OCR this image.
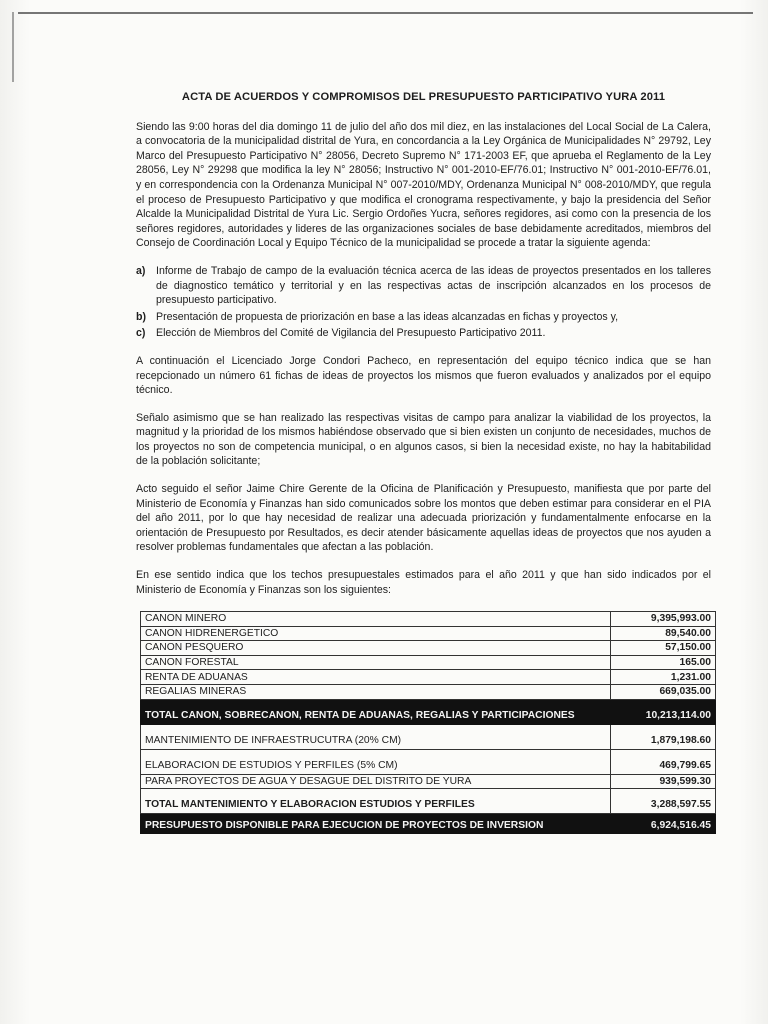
ACTA DE ACUERDOS Y COMPROMISOS DEL PRESUPUESTO PARTICIPATIVO YURA 2011

Siendo las 9:00 horas del dia domingo 11 de julio del año dos mil diez, en las instalaciones del Local Social de La Calera, a convocatoria de la municipalidad distrital de Yura, en concordancia a la Ley Orgánica de Municipalidades N° 29792, Ley Marco del Presupuesto Participativo N° 28056, Decreto Supremo N° 171-2003 EF, que aprueba el Reglamento de la Ley 28056, Ley N° 29298 que modifica la ley N° 28056; Instructivo N° 001-2010-EF/76.01; Instructivo N° 001-2010-EF/76.01, y en correspondencia con la Ordenanza Municipal N° 007-2010/MDY, Ordenanza Municipal N° 008-2010/MDY, que regula el proceso de Presupuesto Participativo y que modifica el cronograma respectivamente, y bajo la presidencia del Señor Alcalde la Municipalidad Distrital de Yura Lic. Sergio Ordoñes Yucra, señores regidores, asi como con la presencia de los señores regidores, autoridades y lideres de las organizaciones sociales de base debidamente acreditados, miembros del Consejo de Coordinación Local y Equipo Técnico de la municipalidad se procede a tratar la siguiente agenda:

a) Informe de Trabajo de campo de la evaluación técnica acerca de las ideas de proyectos presentados en los talleres de diagnostico temático y territorial y en las respectivas actas de inscripción alcanzados en los procesos de presupuesto participativo.
b) Presentación de propuesta de priorización en base a las ideas alcanzadas en fichas y proyectos y,
c) Elección de Miembros del Comité de Vigilancia del Presupuesto Participativo 2011.

A continuación el Licenciado Jorge Condori Pacheco, en representación del equipo técnico indica que se han recepcionado un número 61 fichas de ideas de proyectos los mismos que fueron evaluados y analizados por el equipo técnico.

Señalo asimismo que se han realizado las respectivas visitas de campo para analizar la viabilidad de los proyectos, la magnitud y la prioridad de los mismos habiéndose observado que si bien existen un conjunto de necesidades, muchos de los proyectos no son de competencia municipal, o en algunos casos, si bien la necesidad existe, no hay la habitabilidad de la población solicitante;

Acto seguido el señor Jaime Chire Gerente de la Oficina de Planificación y Presupuesto, manifiesta que por parte del Ministerio de Economía y Finanzas han sido comunicados sobre los montos que deben estimar para considerar en el PIA del año 2011, por lo que hay necesidad de realizar una adecuada priorización y fundamentalmente enfocarse en la orientación de Presupuesto por Resultados, es decir atender básicamente aquellas ideas de proyectos que nos ayuden a resolver problemas fundamentales que afectan a las población.

En ese sentido indica que los techos presupuestales estimados para el año 2011 y que han sido indicados por el Ministerio de Economía y Finanzas son los siguientes:

CANON MINERO	9,395,993.00
CANON HIDRENERGETICO	89,540.00
CANON PESQUERO	57,150.00
CANON FORESTAL	165.00
RENTA DE ADUANAS	1,231.00
REGALIAS MINERAS	669,035.00
TOTAL CANON, SOBRECANON, RENTA DE ADUANAS, REGALIAS Y PARTICIPACIONES	10,213,114.00
MANTENIMIENTO DE INFRAESTRUCUTRA (20% CM)	1,879,198.60
ELABORACION DE ESTUDIOS Y PERFILES (5% CM)	469,799.65
PARA PROYECTOS DE AGUA Y DESAGUE DEL DISTRITO DE YURA	939,599.30
TOTAL MANTENIMIENTO Y ELABORACION ESTUDIOS Y PERFILES	3,288,597.55
PRESUPUESTO DISPONIBLE PARA EJECUCION DE PROYECTOS DE INVERSION	6,924,516.45
